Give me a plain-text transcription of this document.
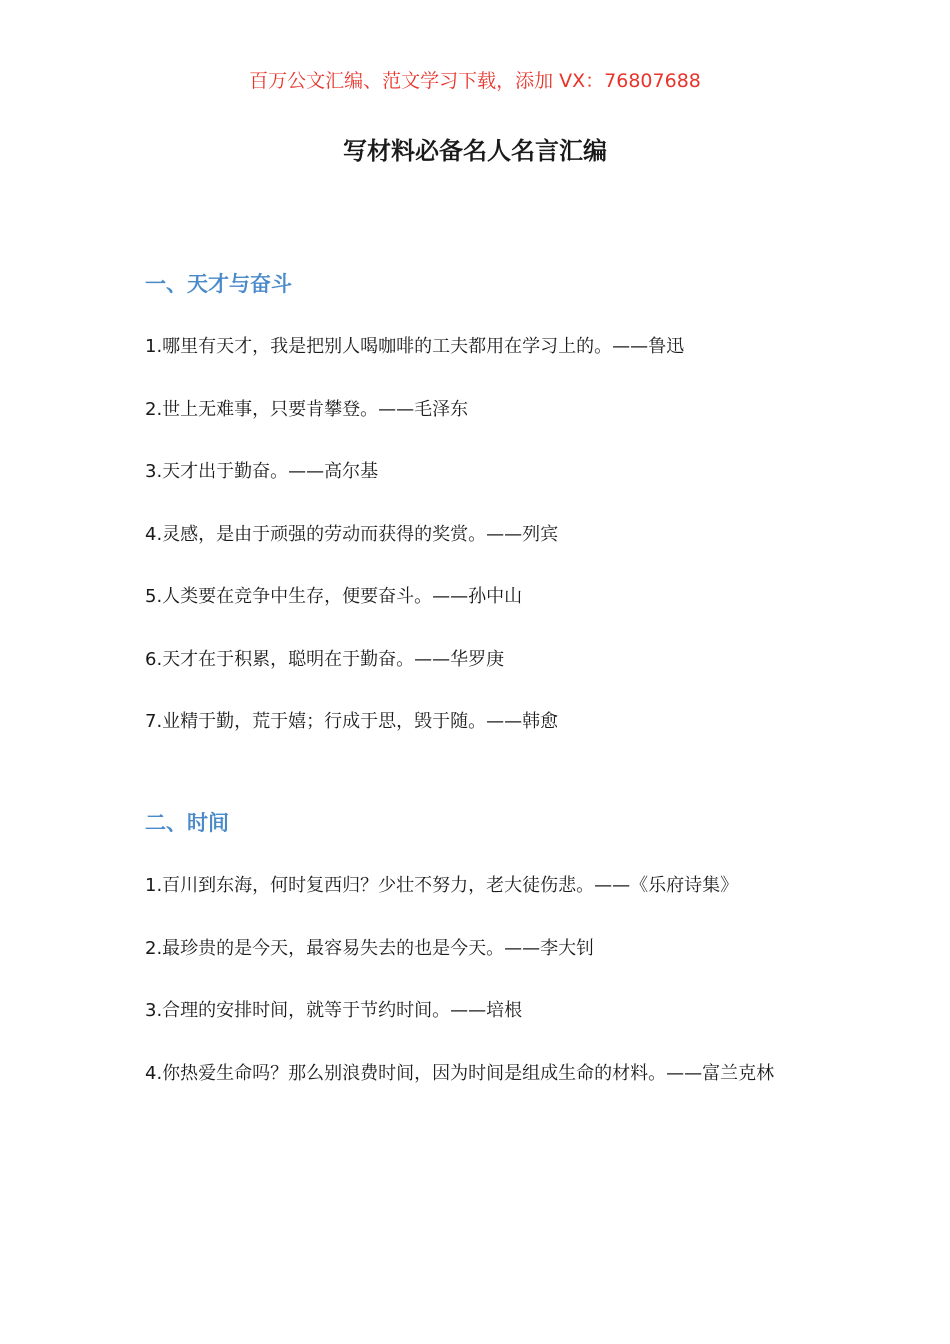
百万公文汇编、范文学习下载，添加 VX：76807688
写材料必备名人名言汇编

一、天才与奋斗

1.哪里有天才，我是把别人喝咖啡的工夫都用在学习上的。——鲁迅

2.世上无难事，只要肯攀登。——毛泽东

3.天才出于勤奋。——高尔基

4.灵感，是由于顽强的劳动而获得的奖赏。——列宾

5.人类要在竞争中生存，便要奋斗。——孙中山

6.天才在于积累，聪明在于勤奋。——华罗庚

7.业精于勤，荒于嬉；行成于思，毁于随。——韩愈

二、时间

1.百川到东海，何时复西归？少壮不努力，老大徒伤悲。——《乐府诗集》

2.最珍贵的是今天，最容易失去的也是今天。——李大钊

3.合理的安排时间，就等于节约时间。——培根

4.你热爱生命吗？那么别浪费时间，因为时间是组成生命的材料。——富兰克林
